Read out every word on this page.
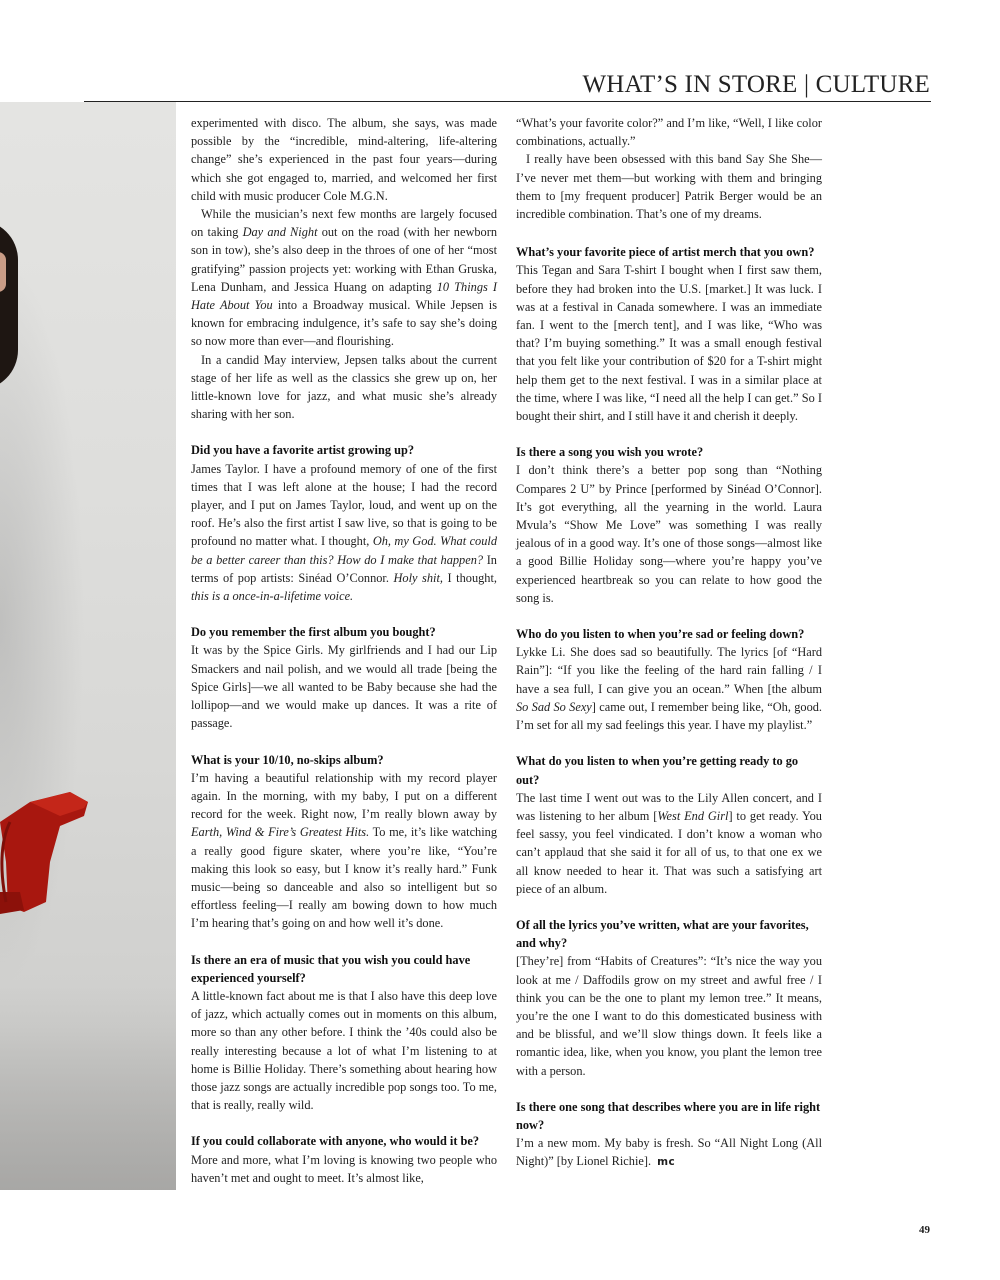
WHAT’S IN STORE | CULTURE

experimented with disco. The album, she says, was made possible by the “incredible, mind-altering, life-altering change” she’s experienced in the past four years—during which she got engaged to, married, and welcomed her first child with music producer Cole M.G.N.

While the musician’s next few months are largely focused on taking Day and Night out on the road (with her newborn son in tow), she’s also deep in the throes of one of her “most gratifying” passion projects yet: working with Ethan Gruska, Lena Dunham, and Jessica Huang on adapting 10 Things I Hate About You into a Broadway musical. While Jepsen is known for embracing indulgence, it’s safe to say she’s doing so now more than ever—and flourishing.

In a candid May interview, Jepsen talks about the current stage of her life as well as the classics she grew up on, her little-known love for jazz, and what music she’s already sharing with her son.

Did you have a favorite artist growing up?

James Taylor. I have a profound memory of one of the first times that I was left alone at the house; I had the record player, and I put on James Taylor, loud, and went up on the roof. He’s also the first artist I saw live, so that is going to be profound no matter what. I thought, Oh, my God. What could be a better career than this? How do I make that happen? In terms of pop artists: Sinéad O’Connor. Holy shit, I thought, this is a once-in-a-lifetime voice.

Do you remember the first album you bought?

It was by the Spice Girls. My girlfriends and I had our Lip Smackers and nail polish, and we would all trade [being the Spice Girls]—we all wanted to be Baby because she had the lollipop—and we would make up dances. It was a rite of passage.

What is your 10/10, no-skips album?

I’m having a beautiful relationship with my record player again. In the morning, with my baby, I put on a different record for the week. Right now, I’m really blown away by Earth, Wind & Fire’s Greatest Hits. To me, it’s like watching a really good figure skater, where you’re like, “You’re making this look so easy, but I know it’s really hard.” Funk music—being so danceable and also so intelligent but so effortless feeling—I really am bowing down to how much I’m hearing that’s going on and how well it’s done.

Is there an era of music that you wish you could have experienced yourself?

A little-known fact about me is that I also have this deep love of jazz, which actually comes out in moments on this album, more so than any other before. I think the ’40s could also be really interesting because a lot of what I’m listening to at home is Billie Holiday. There’s something about hearing how those jazz songs are actually incredible pop songs too. To me, that is really, really wild.

If you could collaborate with anyone, who would it be?

More and more, what I’m loving is knowing two people who haven’t met and ought to meet. It’s almost like,

“What’s your favorite color?” and I’m like, “Well, I like color combinations, actually.”

I really have been obsessed with this band Say She She—I’ve never met them—but working with them and bringing them to [my frequent producer] Patrik Berger would be an incredible combination. That’s one of my dreams.

What’s your favorite piece of artist merch that you own?

This Tegan and Sara T-shirt I bought when I first saw them, before they had broken into the U.S. [market.] It was luck. I was at a festival in Canada somewhere. I was an immediate fan. I went to the [merch tent], and I was like, “Who was that? I’m buying something.” It was a small enough festival that you felt like your contribution of $20 for a T-shirt might help them get to the next festival. I was in a similar place at the time, where I was like, “I need all the help I can get.” So I bought their shirt, and I still have it and cherish it deeply.

Is there a song you wish you wrote?

I don’t think there’s a better pop song than “Nothing Compares 2 U” by Prince [performed by Sinéad O’Connor]. It’s got everything, all the yearning in the world. Laura Mvula’s “Show Me Love” was something I was really jealous of in a good way. It’s one of those songs—almost like a good Billie Holiday song—where you’re happy you’ve experienced heartbreak so you can relate to how good the song is.

Who do you listen to when you’re sad or feeling down?

Lykke Li. She does sad so beautifully. The lyrics [of “Hard Rain”]: “If you like the feeling of the hard rain falling / I have a sea full, I can give you an ocean.” When [the album So Sad So Sexy] came out, I remember being like, “Oh, good. I’m set for all my sad feelings this year. I have my playlist.”

What do you listen to when you’re getting ready to go out?

The last time I went out was to the Lily Allen concert, and I was listening to her album [West End Girl] to get ready. You feel sassy, you feel vindicated. I don’t know a woman who can’t applaud that she said it for all of us, to that one ex we all know needed to hear it. That was such a satisfying art piece of an album.

Of all the lyrics you’ve written, what are your favorites, and why?

[They’re] from “Habits of Creatures”: “It’s nice the way you look at me / Daffodils grow on my street and awful free / I think you can be the one to plant my lemon tree.” It means, you’re the one I want to do this domesticated business with and be blissful, and we’ll slow things down. It feels like a romantic idea, like, when you know, you plant the lemon tree with a person.

Is there one song that describes where you are in life right now?

I’m a new mom. My baby is fresh. So “All Night Long (All Night)” [by Lionel Richie]. mc

49
